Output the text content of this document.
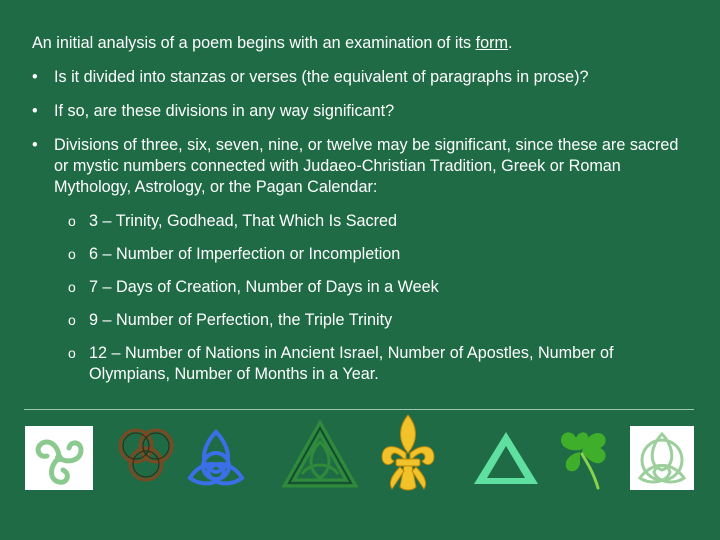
An initial analysis of a poem begins with an examination of its form.

• Is it divided into stanzas or verses (the equivalent of paragraphs in prose)?
• If so, are these divisions in any way significant?
• Divisions of three, six, seven, nine, or twelve may be significant, since these are sacred or mystic numbers connected with Judaeo-Christian Tradition, Greek or Roman Mythology, Astrology, or the Pagan Calendar:
o 3 – Trinity, Godhead, That Which Is Sacred
o 6 – Number of Imperfection or Incompletion
o 7 – Days of Creation, Number of Days in a Week
o 9 – Number of Perfection, the Triple Trinity
o 12 – Number of Nations in Ancient Israel, Number of Apostles, Number of Olympians, Number of Months in a Year.
